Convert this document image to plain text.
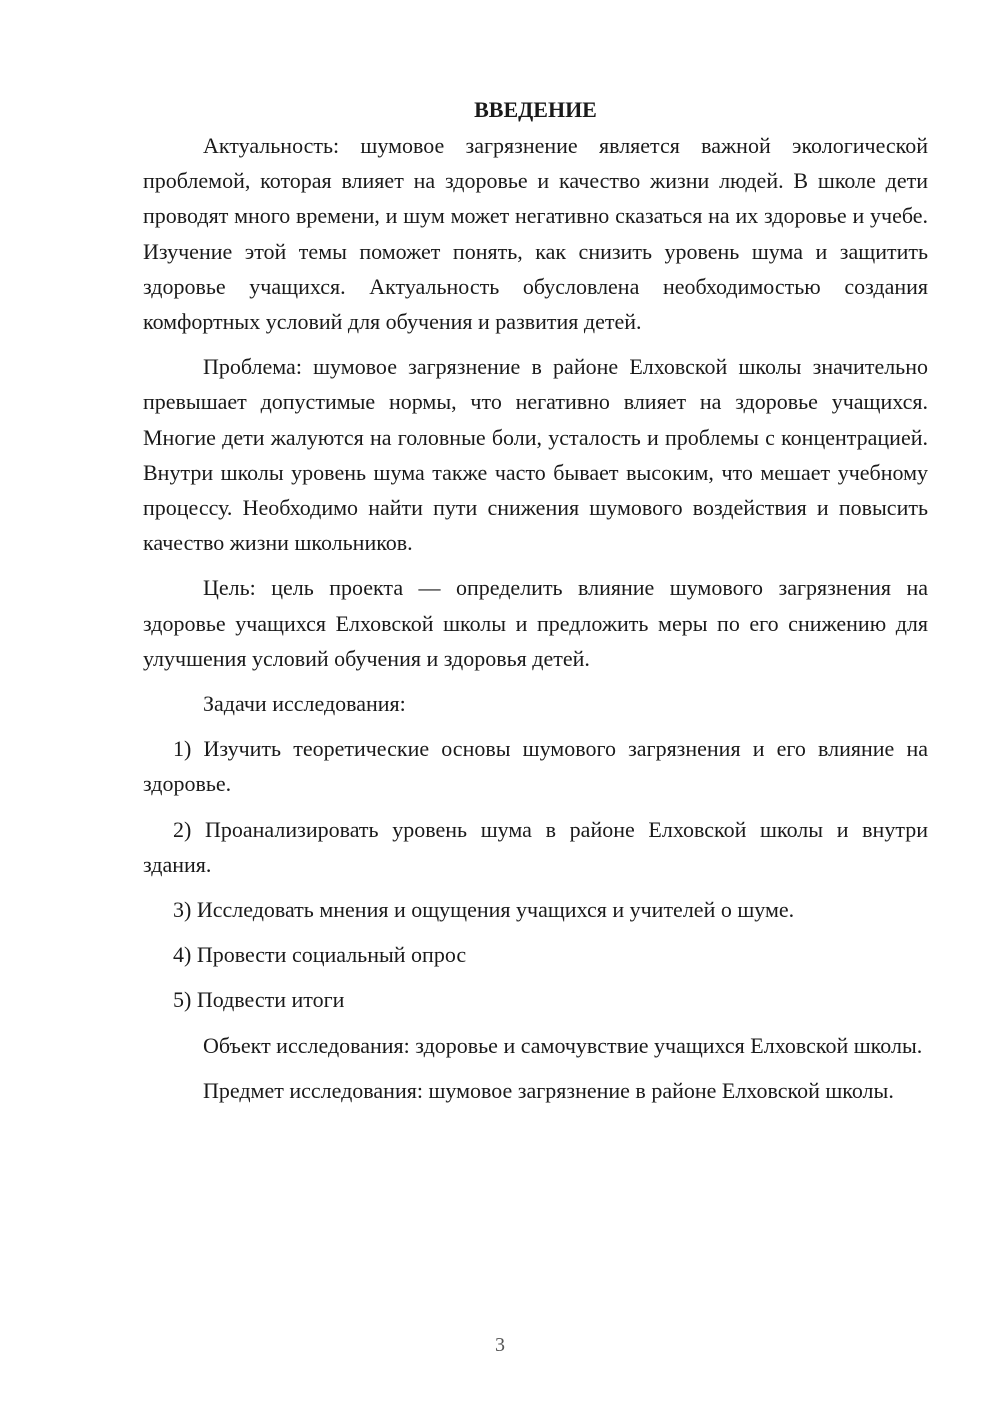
ВВЕДЕНИЕ

Актуальность: шумовое загрязнение является важной экологической проблемой, которая влияет на здоровье и качество жизни людей. В школе дети проводят много времени, и шум может негативно сказаться на их здоровье и учебе. Изучение этой темы поможет понять, как снизить уровень шума и защитить здоровье учащихся. Актуальность обусловлена необходимостью создания комфортных условий для обучения и развития детей.

Проблема: шумовое загрязнение в районе Елховской школы значительно превышает допустимые нормы, что негативно влияет на здоровье учащихся. Многие дети жалуются на головные боли, усталость и проблемы с концентрацией. Внутри школы уровень шума также часто бывает высоким, что мешает учебному процессу. Необходимо найти пути снижения шумового воздействия и повысить качество жизни школьников.

Цель: цель проекта — определить влияние шумового загрязнения на здоровье учащихся Елховской школы и предложить меры по его снижению для улучшения условий обучения и здоровья детей.

Задачи исследования:

1) Изучить теоретические основы шумового загрязнения и его влияние на здоровье.

2) Проанализировать уровень шума в районе Елховской школы и внутри здания.

3) Исследовать мнения и ощущения учащихся и учителей о шуме.

4) Провести социальный опрос

5) Подвести итоги

Объект исследования: здоровье и самочувствие учащихся Елховской школы.

Предмет исследования: шумовое загрязнение в районе Елховской школы.

3
